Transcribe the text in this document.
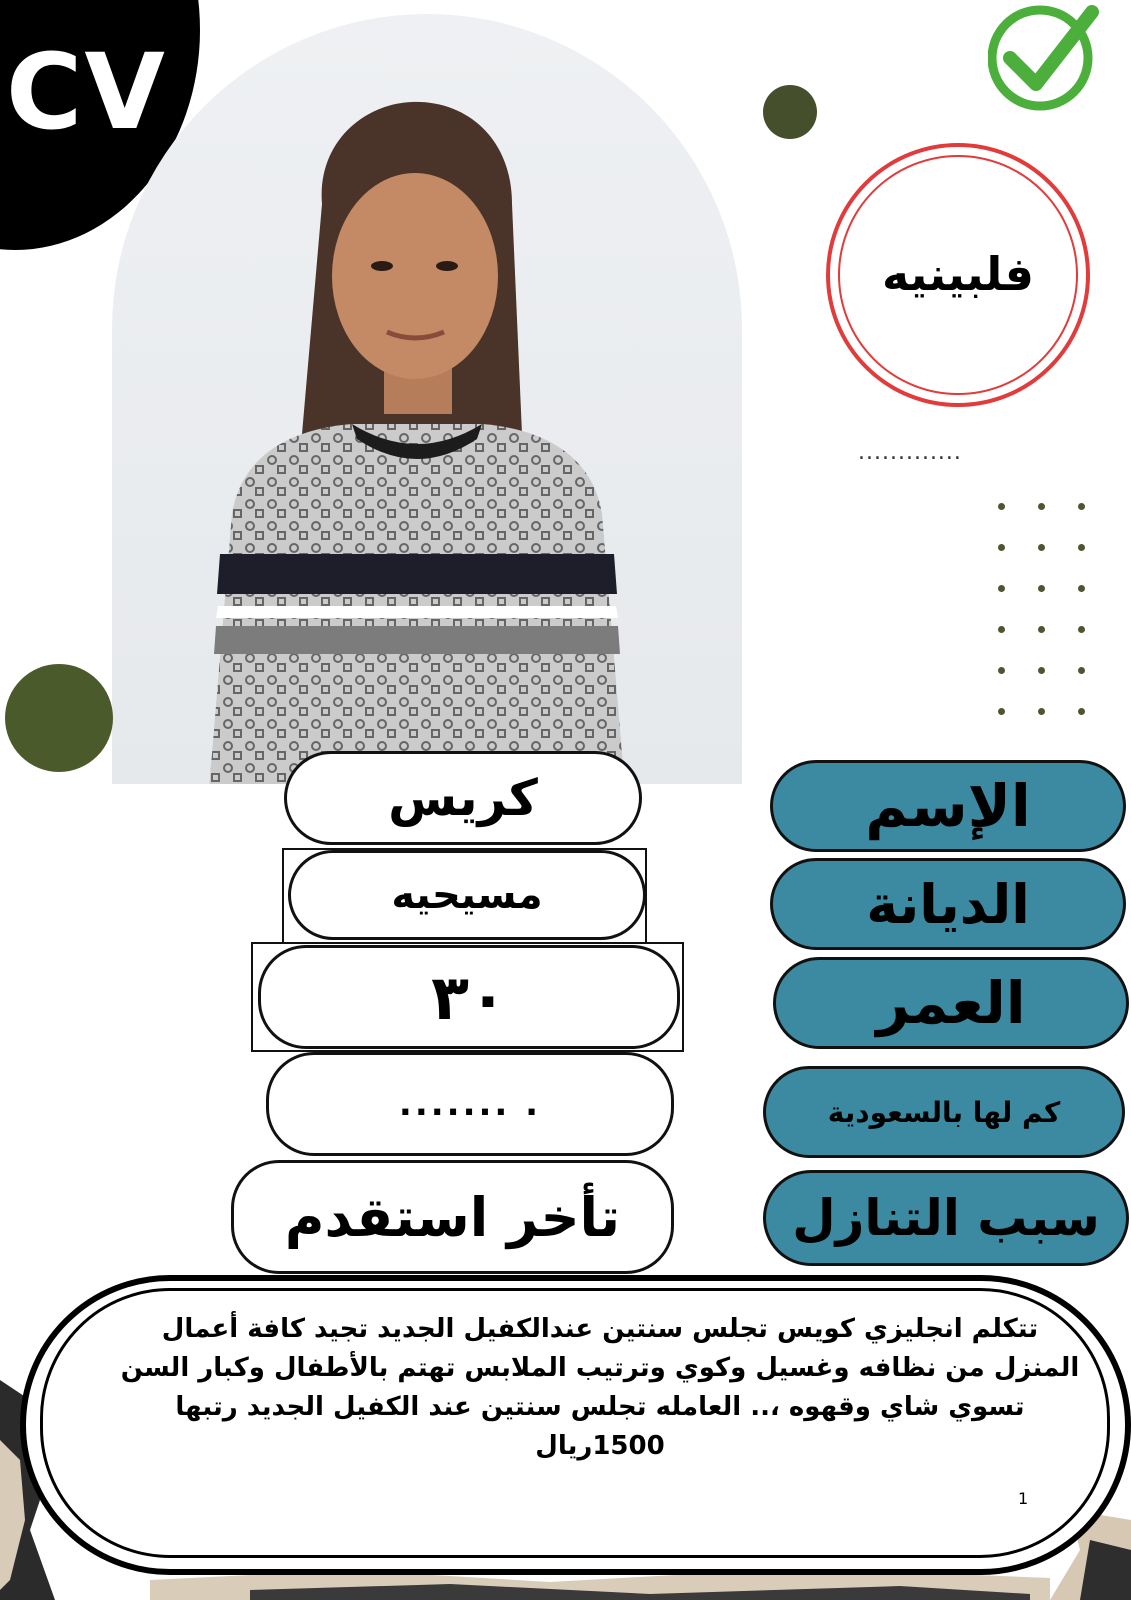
CV
فلبينيه
.............
الإسم
الديانة
العمر
كم لها بالسعودية
سبب التنازل
كريس
مسيحيه
٣٠
....... .
تأخر استقدم
تتكلم انجليزي كويس تجلس سنتين عندالكفيل الجديد تجيد كافة أعمال المنزل من نظافه وغسيل وكوي وترتيب الملابس تهتم بالأطفال وكبار السن تسوي شاي وقهوه ،.. العامله تجلس سنتين عند الكفيل الجديد رتبها 1500ريال
1
